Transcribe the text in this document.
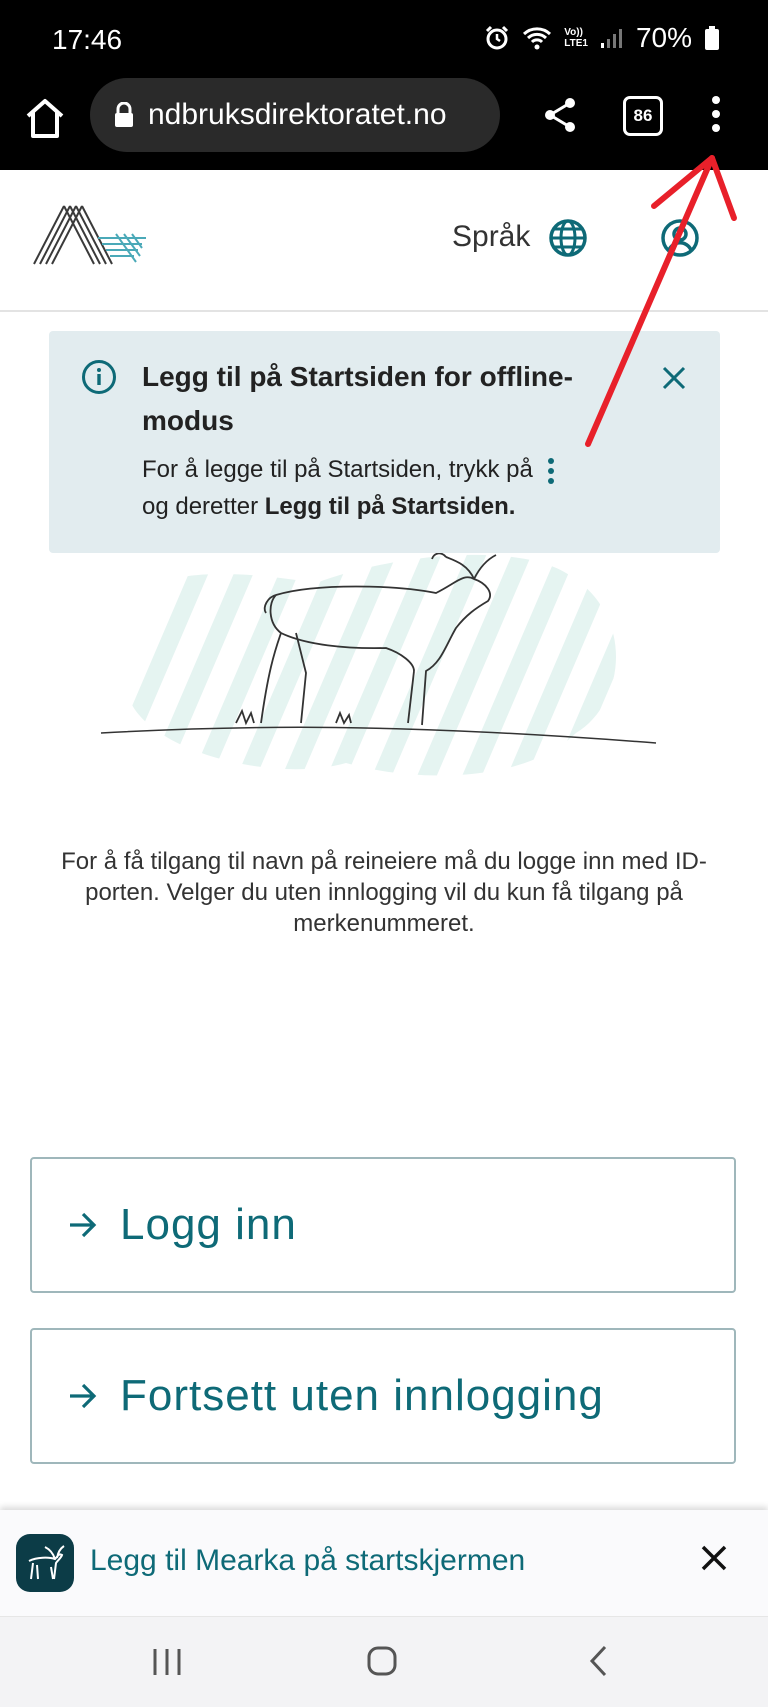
17:46	Vo))
LTE1 70%
ndbruksdirektoratet.no	86
Språk
Legg til på Startsiden for offline-modus
For å legge til på Startsiden, trykk på
og deretter Legg til på Startsiden.
For å få tilgang til navn på reineiere må du logge inn med ID-porten. Velger du uten innlogging vil du kun få tilgang på merkenummeret.
Logg inn
Fortsett uten innlogging
Legg til Mearka på startskjermen
